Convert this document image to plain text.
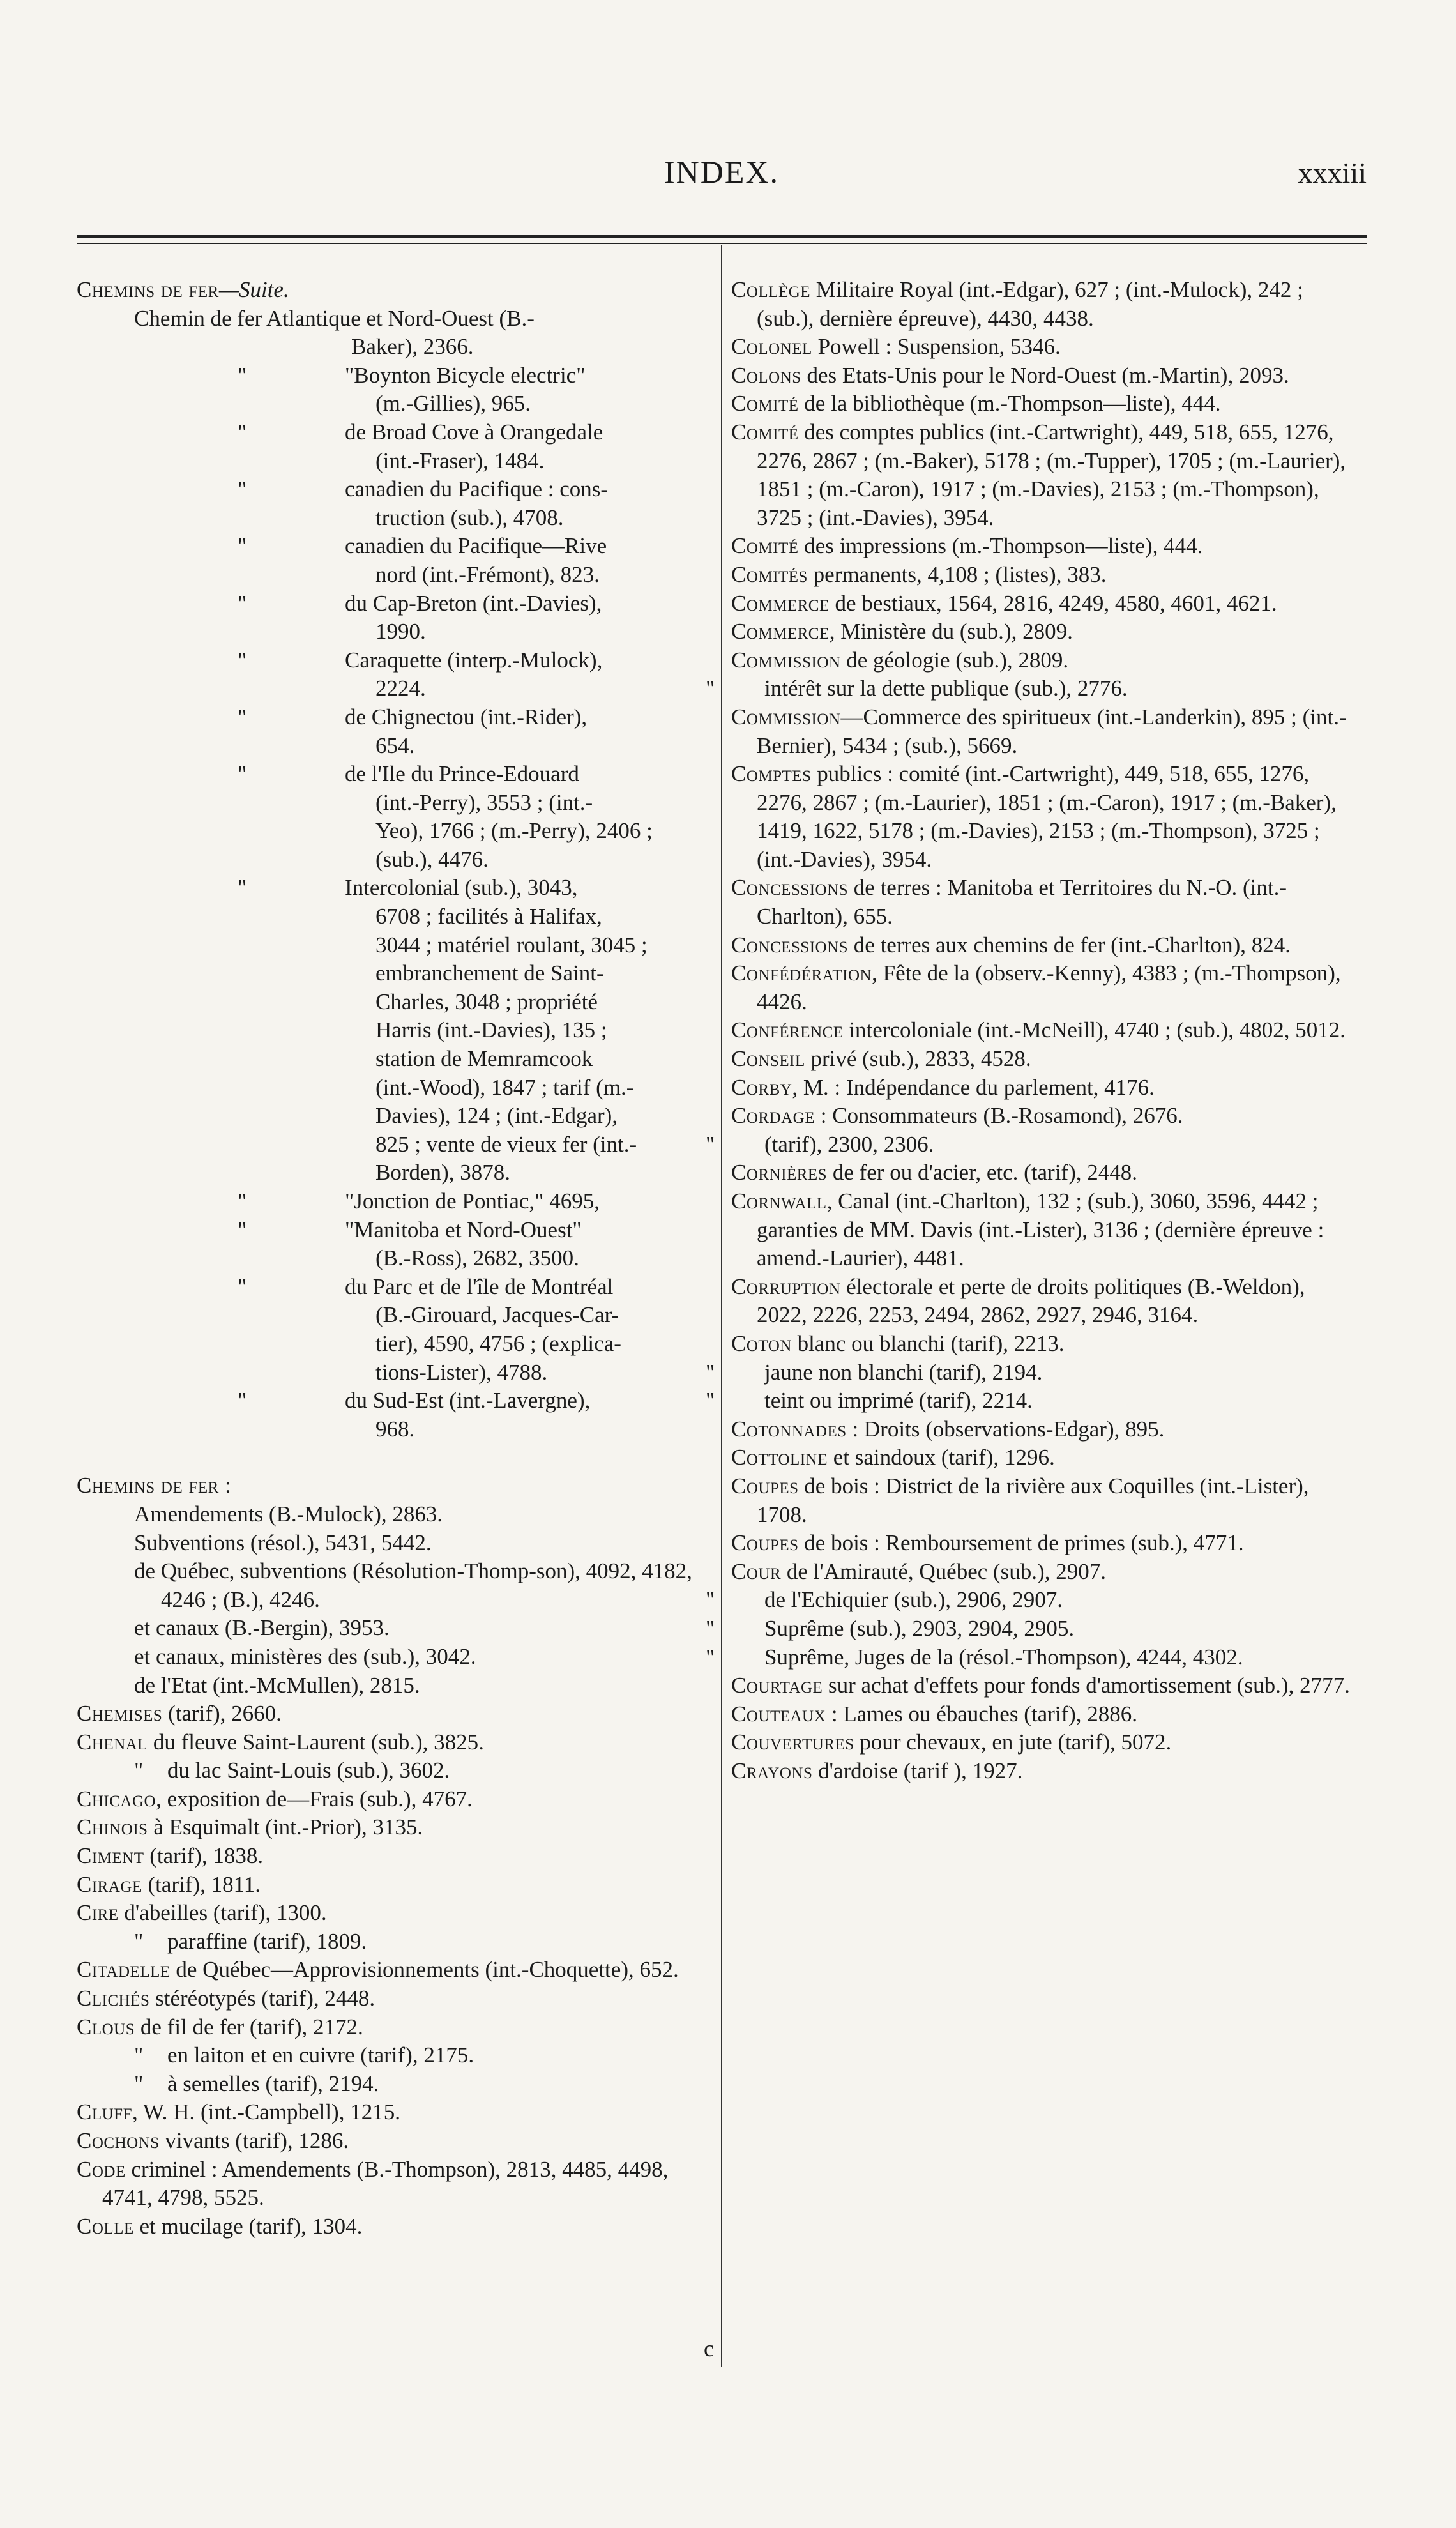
INDEX.	xxxiii
Chemins de fer—Suite.
Chemin de fer Atlantique et Nord-Ouest (B.-
Baker), 2366.
"	"Boynton Bicycle electric"
(m.-Gillies), 965.
"	de Broad Cove à Orangedale
(int.-Fraser), 1484.
"	canadien du Pacifique : cons-
truction (sub.), 4708.
"	canadien du Pacifique—Rive
nord (int.-Frémont), 823.
"	du Cap-Breton (int.-Davies),
1990.
"	Caraquette (interp.-Mulock),
2224.
"	de Chignectou (int.-Rider),
654.
"	de l'Ile du Prince-Edouard
(int.-Perry), 3553 ; (int.-
Yeo), 1766 ; (m.-Perry), 2406 ;
(sub.), 4476.
"	Intercolonial (sub.), 3043,
6708 ; facilités à Halifax,
3044 ; matériel roulant, 3045 ;
embranchement de Saint-
Charles, 3048 ; propriété
Harris (int.-Davies), 135 ;
station de Memramcook
(int.-Wood), 1847 ; tarif (m.-
Davies), 124 ; (int.-Edgar),
825 ; vente de vieux fer (int.-
Borden), 3878.
"	"Jonction de Pontiac," 4695,
"	"Manitoba et Nord-Ouest"
(B.-Ross), 2682, 3500.
"	du Parc et de l'île de Montréal
(B.-Girouard, Jacques-Car-
tier), 4590, 4756 ; (explica-
tions-Lister), 4788.
"	du Sud-Est (int.-Lavergne),
968.
Chemins de fer :
Amendements (B.-Mulock), 2863.
Subventions (résol.), 5431, 5442.
de Québec, subventions (Résolution-Thomp-son), 4092, 4182, 4246 ; (B.), 4246.
et canaux (B.-Bergin), 3953.
et canaux, ministères des (sub.), 3042.
de l'Etat (int.-McMullen), 2815.
Chemises (tarif), 2660.
Chenal du fleuve Saint-Laurent (sub.), 3825.
" du lac Saint-Louis (sub.), 3602.
Chicago, exposition de—Frais (sub.), 4767.
Chinois à Esquimalt (int.-Prior), 3135.
Ciment (tarif), 1838.
Cirage (tarif), 1811.
Cire d'abeilles (tarif), 1300.
" paraffine (tarif), 1809.
Citadelle de Québec—Approvisionnements (int.-Choquette), 652.
Clichés stéréotypés (tarif), 2448.
Clous de fil de fer (tarif), 2172.
" en laiton et en cuivre (tarif), 2175.
" à semelles (tarif), 2194.
Cluff, W. H. (int.-Campbell), 1215.
Cochons vivants (tarif), 1286.
Code criminel : Amendements (B.-Thompson), 2813, 4485, 4498, 4741, 4798, 5525.
Colle et mucilage (tarif), 1304.
Collège Militaire Royal (int.-Edgar), 627 ; (int.-Mulock), 242 ; (sub.), dernière épreuve), 4430, 4438.
Colonel Powell : Suspension, 5346.
Colons des Etats-Unis pour le Nord-Ouest (m.-Martin), 2093.
Comité de la bibliothèque (m.-Thompson—liste), 444.
Comité des comptes publics (int.-Cartwright), 449, 518, 655, 1276, 2276, 2867 ; (m.-Baker), 5178 ; (m.-Tupper), 1705 ; (m.-Laurier), 1851 ; (m.-Caron), 1917 ; (m.-Davies), 2153 ; (m.-Thompson), 3725 ; (int.-Davies), 3954.
Comité des impressions (m.-Thompson—liste), 444.
Comités permanents, 4,108 ; (listes), 383.
Commerce de bestiaux, 1564, 2816, 4249, 4580, 4601, 4621.
Commerce, Ministère du (sub.), 2809.
Commission de géologie (sub.), 2809.
" intérêt sur la dette publique (sub.), 2776.
Commission—Commerce des spiritueux (int.-Landerkin), 895 ; (int.-Bernier), 5434 ; (sub.), 5669.
Comptes publics : comité (int.-Cartwright), 449, 518, 655, 1276, 2276, 2867 ; (m.-Laurier), 1851 ; (m.-Caron), 1917 ; (m.-Baker), 1419, 1622, 5178 ; (m.-Davies), 2153 ; (m.-Thompson), 3725 ; (int.-Davies), 3954.
Concessions de terres : Manitoba et Territoires du N.-O. (int.-Charlton), 655.
Concessions de terres aux chemins de fer (int.-Charlton), 824.
Confédération, Fête de la (observ.-Kenny), 4383 ; (m.-Thompson), 4426.
Conférence intercoloniale (int.-McNeill), 4740 ; (sub.), 4802, 5012.
Conseil privé (sub.), 2833, 4528.
Corby, M. : Indépendance du parlement, 4176.
Cordage : Consommateurs (B.-Rosamond), 2676.
" (tarif), 2300, 2306.
Cornières de fer ou d'acier, etc. (tarif), 2448.
Cornwall, Canal (int.-Charlton), 132 ; (sub.), 3060, 3596, 4442 ; garanties de MM. Davis (int.-Lister), 3136 ; (dernière épreuve : amend.-Laurier), 4481.
Corruption électorale et perte de droits politiques (B.-Weldon), 2022, 2226, 2253, 2494, 2862, 2927, 2946, 3164.
Coton blanc ou blanchi (tarif), 2213.
" jaune non blanchi (tarif), 2194.
" teint ou imprimé (tarif), 2214.
Cotonnades : Droits (observations-Edgar), 895.
Cottoline et saindoux (tarif), 1296.
Coupes de bois : District de la rivière aux Coquilles (int.-Lister), 1708.
Coupes de bois : Remboursement de primes (sub.), 4771.
Cour de l'Amirauté, Québec (sub.), 2907.
" de l'Echiquier (sub.), 2906, 2907.
" Suprême (sub.), 2903, 2904, 2905.
" Suprême, Juges de la (résol.-Thompson), 4244, 4302.
Courtage sur achat d'effets pour fonds d'amortissement (sub.), 2777.
Couteaux : Lames ou ébauches (tarif), 2886.
Couvertures pour chevaux, en jute (tarif), 5072.
Crayons d'ardoise (tarif ), 1927.
c
